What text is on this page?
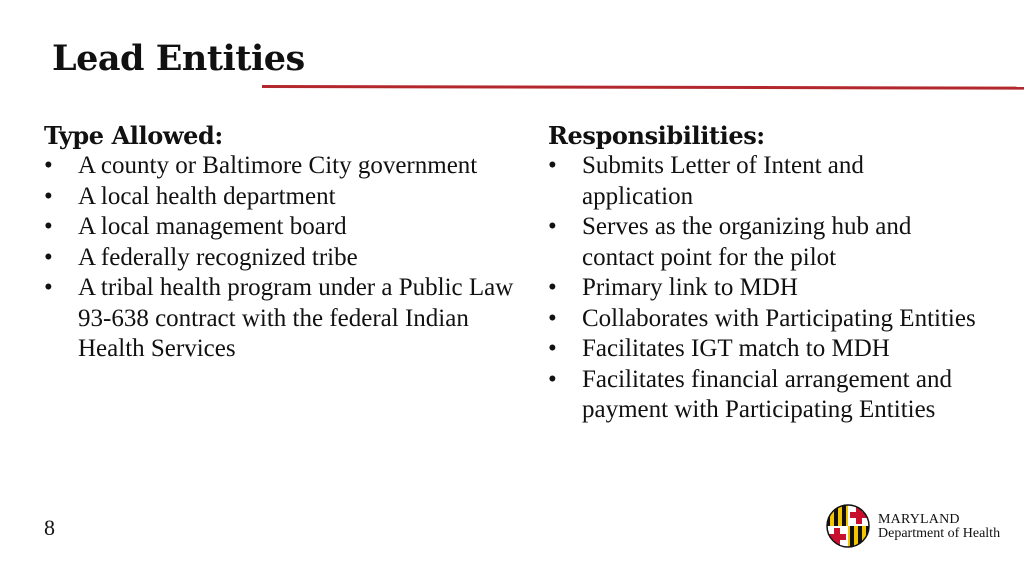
Lead Entities
Type Allowed:
• A county or Baltimore City government
• A local health department
• A local management board
• A federally recognized tribe
• A tribal health program under a Public Law 93-638 contract with the federal Indian Health Services
Responsibilities:
• Submits Letter of Intent and application
• Serves as the organizing hub and contact point for the pilot
• Primary link to MDH
• Collaborates with Participating Entities
• Facilitates IGT match to MDH
• Facilitates financial arrangement and payment with Participating Entities
8	MARYLAND
Department of Health
